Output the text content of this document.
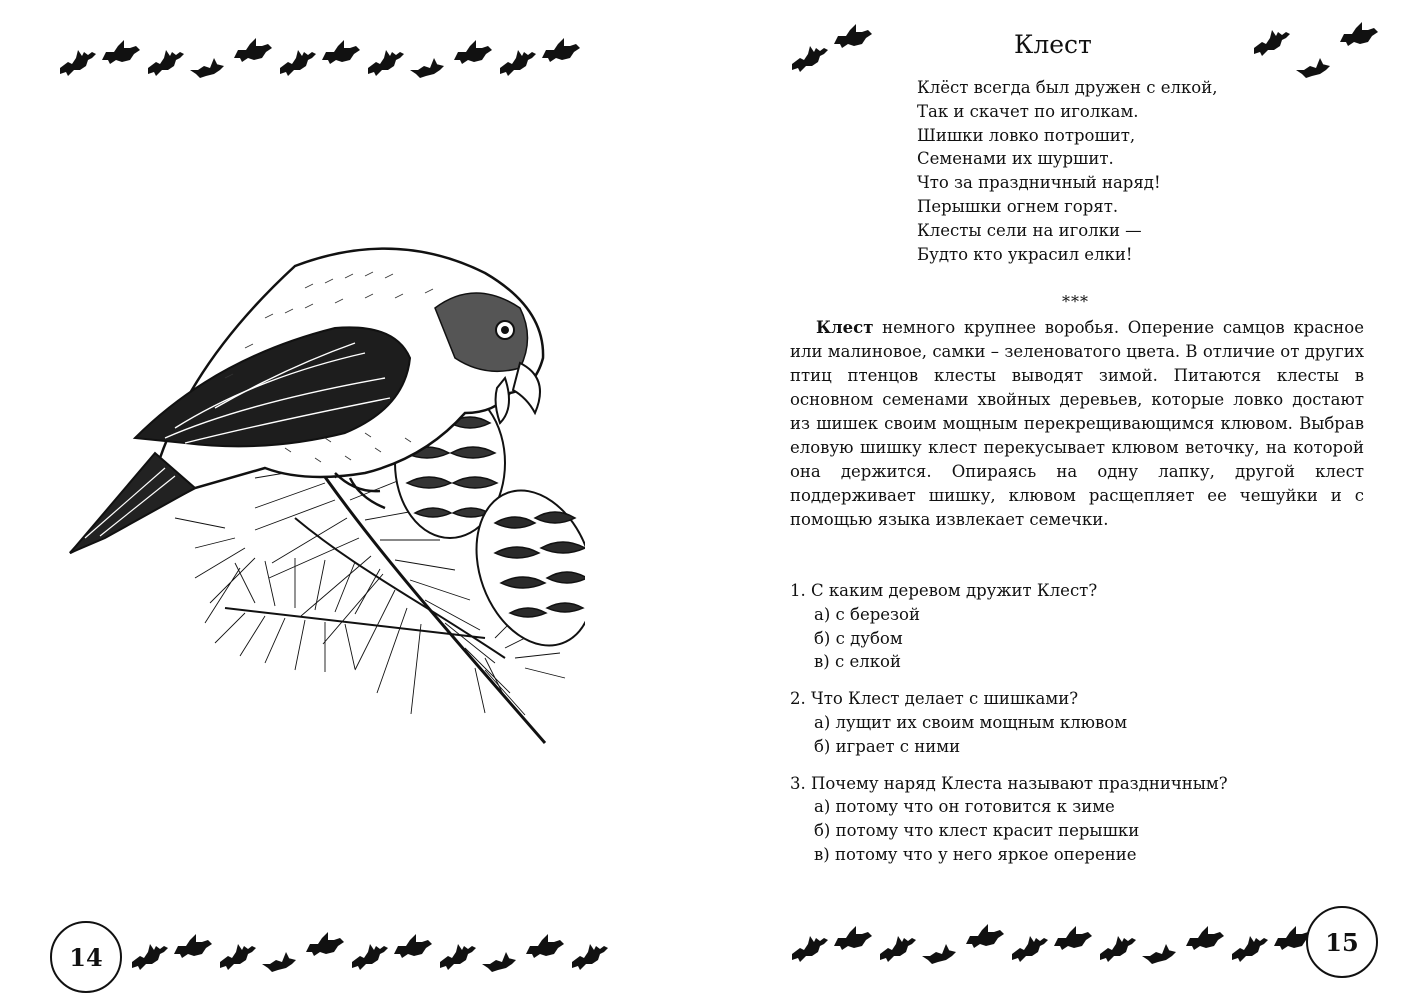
14
Клест
Клёст всегда был дружен с елкой,
Так и скачет по иголкам.
Шишки ловко потрошит,
Семенами их шуршит.
Что за праздничный наряд!
Перышки огнем горят.
Клесты сели на иголки —
Будто кто украсил елки!
***

Клест немного крупнее воробья. Оперение самцов красное или малиновое, самки – зеленоватого цвета. В отличие от других птиц птенцов клесты выводят зимой. Питаются клесты в основном семенами хвойных деревьев, которые ловко достают из шишек своим мощным перекрещивающимся клювом. Выбрав еловую шишку клест перекусывает клювом веточку, на которой она держится. Опираясь на одну лапку, другой клест поддерживает шишку, клювом расщепляет ее чешуйки и с помощью языка извлекает семечки.

1. С каким деревом дружит Клест?
а) с березой
б) с дубом
в) с елкой
2. Что Клест делает с шишками?
а) лущит их своим мощным клювом
б) играет с ними
3. Почему наряд Клеста называют праздничным?
а) потому что он готовится к зиме
б) потому что клест красит перышки
в) потому что у него яркое оперение
15
